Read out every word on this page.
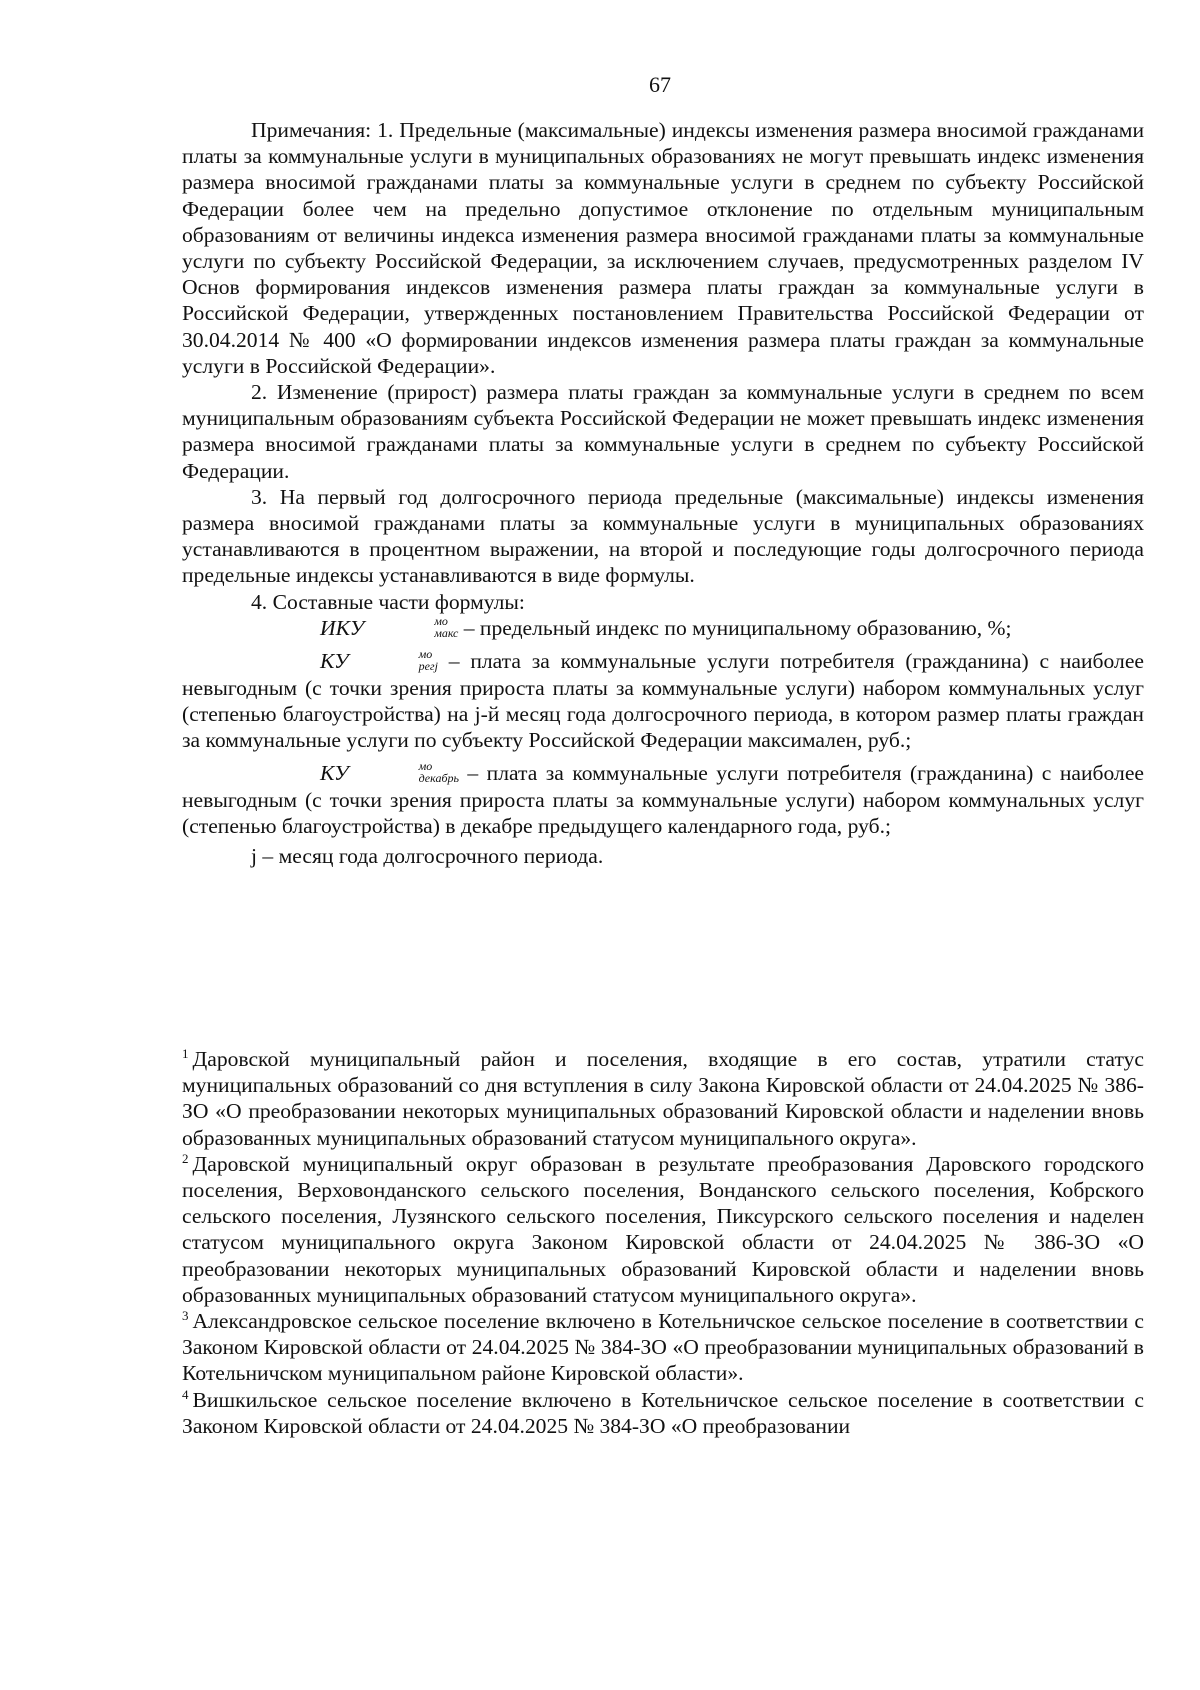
67

Примечания: 1. Предельные (максимальные) индексы изменения размера вносимой гражданами платы за коммунальные услуги в муниципальных образованиях не могут превышать индекс изменения размера вносимой гражданами платы за коммунальные услуги в среднем по субъекту Российской Федерации более чем на предельно допустимое отклонение по отдельным муниципальным образованиям от величины индекса изменения размера вносимой гражданами платы за коммунальные услуги по субъекту Российской Федерации, за исключением случаев, предусмотренных разделом IV Основ формирования индексов изменения размера платы граждан за коммунальные услуги в Российской Федерации, утвержденных постановлением Правительства Российской Федерации от 30.04.2014 № 400 «О формировании индексов изменения размера платы граждан за коммунальные услуги в Российской Федерации».

2. Изменение (прирост) размера платы граждан за коммунальные услуги в среднем по всем муниципальным образованиям субъекта Российской Федерации не может превышать индекс изменения размера вносимой гражданами платы за коммунальные услуги в среднем по субъекту Российской Федерации.

3. На первый год долгосрочного периода предельные (максимальные) индексы изменения размера вносимой гражданами платы за коммунальные услуги в муниципальных образованиях устанавливаются в процентном выражении, на второй и последующие годы долгосрочного периода предельные индексы устанавливаются в виде формулы.

4. Составные части формулы:

ИКУ	мо
макс – предельный индекс по муниципальному образованию, %;

КУ	мо
регj – плата за коммунальные услуги потребителя (гражданина) с наиболее невыгодным (с точки зрения прироста платы за коммунальные услуги) набором коммунальных услуг (степенью благоустройства) на j-й месяц года долгосрочного периода, в котором размер платы граждан за коммунальные услуги по субъекту Российской Федерации максимален, руб.;

КУ	мо
декабрь – плата за коммунальные услуги потребителя (гражданина) с наиболее невыгодным (с точки зрения прироста платы за коммунальные услуги) набором коммунальных услуг (степенью благоустройства) в декабре предыдущего календарного года, руб.;

j – месяц года долгосрочного периода.

$^1$ Даровской муниципальный район и поселения, входящие в его состав, утратили статус муниципальных образований со дня вступления в силу Закона Кировской области от 24.04.2025 № 386-ЗО «О преобразовании некоторых муниципальных образований Кировской области и наделении вновь образованных муниципальных образований статусом муниципального округа».

$^2$ Даровской муниципальный округ образован в результате преобразования Даровского городского поселения, Верховонданского сельского поселения, Вонданского сельского поселения, Кобрского сельского поселения, Лузянского сельского поселения, Пиксурского сельского поселения и наделен статусом муниципального округа Законом Кировской области от 24.04.2025 № 386-ЗО «О преобразовании некоторых муниципальных образований Кировской области и наделении вновь образованных муниципальных образований статусом муниципального округа».

$^3$ Александровское сельское поселение включено в Котельничское сельское поселение в соответствии с Законом Кировской области от 24.04.2025 № 384-ЗО «О преобразовании муниципальных образований в Котельничском муниципальном районе Кировской области».

$^4$ Вишкильское сельское поселение включено в Котельничское сельское поселение в соответствии с Законом Кировской области от 24.04.2025 № 384-ЗО «О преобразовании
